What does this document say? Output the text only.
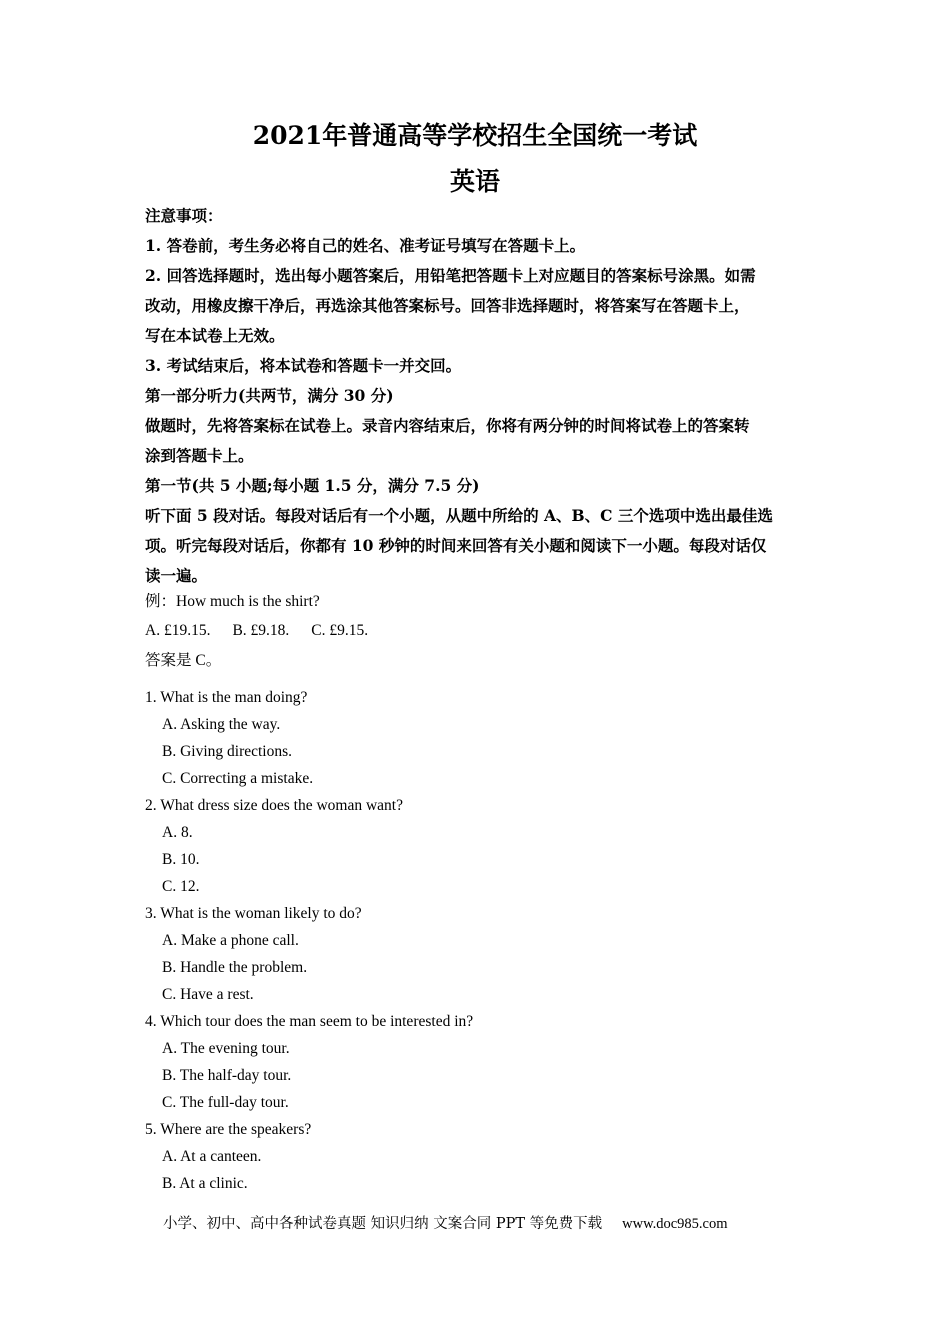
2021年普通高等学校招生全国统一考试
英语
注意事项：
1. 答卷前，考生务必将自己的姓名、准考证号填写在答题卡上。
2. 回答选择题时，选出每小题答案后，用铅笔把答题卡上对应题目的答案标号涂黑。如需
改动，用橡皮擦干净后，再选涂其他答案标号。回答非选择题时，将答案写在答题卡上，
写在本试卷上无效。
3. 考试结束后，将本试卷和答题卡一并交回。
第一部分听力(共两节，满分 30 分)
做题时，先将答案标在试卷上。录音内容结束后，你将有两分钟的时间将试卷上的答案转
涂到答题卡上。
第一节(共 5 小题;每小题 1.5 分，满分 7.5 分)
听下面 5 段对话。每段对话后有一个小题，从题中所给的 A、B、C 三个选项中选出最佳选
项。听完每段对话后，你都有 10 秒钟的时间来回答有关小题和阅读下一小题。每段对话仅
读一遍。
例：How much is the shirt?
A. £19.15. B. £9.18. C. £9.15.
答案是 C。
1. What is the man doing?
A. Asking the way.
B. Giving directions.
C. Correcting a mistake.
2. What dress size does the woman want?
A. 8.
B. 10.
C. 12.
3. What is the woman likely to do?
A. Make a phone call.
B. Handle the problem.
C. Have a rest.
4. Which tour does the man seem to be interested in?
A. The evening tour.
B. The half-day tour.
C. The full-day tour.
5. Where are the speakers?
A. At a canteen.
B. At a clinic.
小学、初中、高中各种试卷真题 知识归纳 文案合同 PPT 等免费下载 www.doc985.com
